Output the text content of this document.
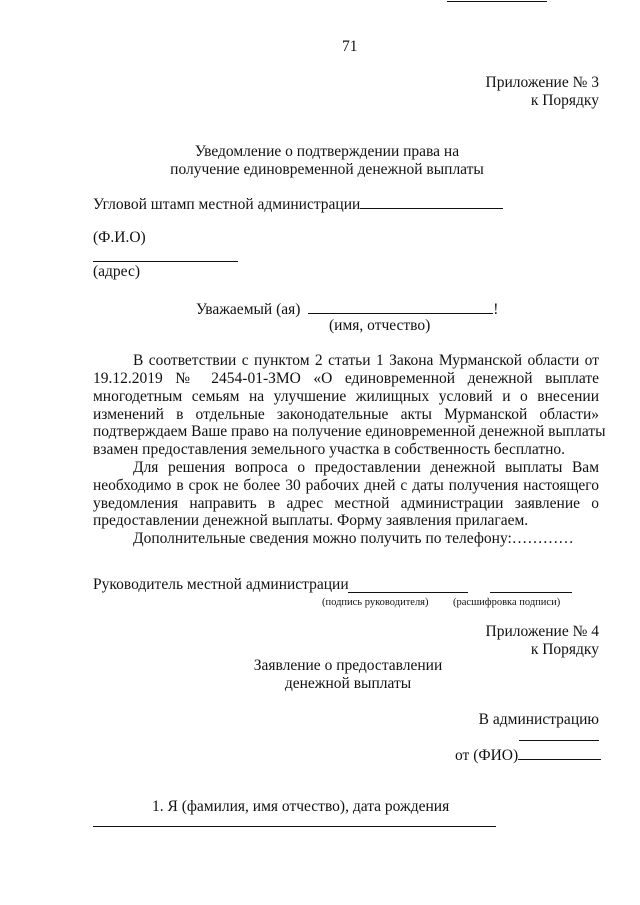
71
Приложение № 3
к Порядку
Уведомление о подтверждении права на
получение единовременной денежной выплаты
Угловой штамп местной администрации
(Ф.И.О)
(адрес)
Уважаемый (ая)	!
(имя, отчество)
В соответствии с пунктом 2 статьи 1 Закона Мурманской области от
19.12.2019 № 2454-01-ЗМО «О единовременной денежной выплате
многодетным семьям на улучшение жилищных условий и о внесении
изменений в отдельные законодательные акты Мурманской области»
подтверждаем Ваше право на получение единовременной денежной выплаты
взамен предоставления земельного участка в собственность бесплатно.
Для решения вопроса о предоставлении денежной выплаты Вам
необходимо в срок не более 30 рабочих дней с даты получения настоящего
уведомления направить в адрес местной администрации заявление о
предоставлении денежной выплаты. Форму заявления прилагаем.
Дополнительные сведения можно получить по телефону:…………
Руководитель местной администрации
(подпись руководителя) (расшифровка подписи)
Приложение № 4
к Порядку
Заявление о предоставлении
денежной выплаты
В администрацию
от (ФИО)
1. Я (фамилия, имя отчество), дата рождения
